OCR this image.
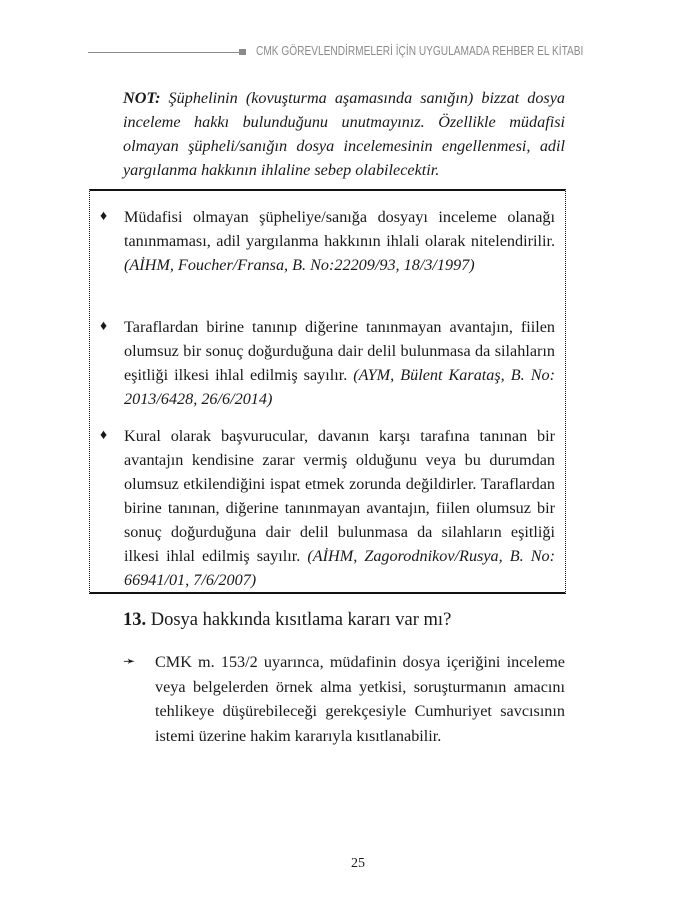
CMK GÖREVLENDİRMELERİ İÇİN UYGULAMADA REHBER EL KİTABI
NOT: Şüphelinin (kovuşturma aşamasında sanığın) bizzat dosya inceleme hakkı bulunduğunu unutmayınız. Özellikle müdafisi olmayan şüpheli/sanığın dosya incelemesinin engellenmesi, adil yargılanma hakkının ihlaline sebep olabilecektir.
♦ Müdafisi olmayan şüpheliye/sanığa dosyayı inceleme olanağı tanınmaması, adil yargılanma hakkının ihlali olarak nitelendirilir. (AİHM, Foucher/Fransa, B. No:22209/93, 18/3/1997)
♦ Taraflardan birine tanınıp diğerine tanınmayan avantajın, fiilen olumsuz bir sonuç doğurduğuna dair delil bulunmasa da silahların eşitliği ilkesi ihlal edilmiş sayılır. (AYM, Bülent Karataş, B. No: 2013/6428, 26/6/2014)
♦ Kural olarak başvurucular, davanın karşı tarafına tanınan bir avantajın kendisine zarar vermiş olduğunu veya bu durumdan olumsuz etkilendiğini ispat etmek zorunda değildirler. Taraflardan birine tanınan, diğerine tanınmayan avantajın, fiilen olumsuz bir sonuç doğurduğuna dair delil bulunmasa da silahların eşitliği ilkesi ihlal edilmiş sayılır. (AİHM, Zagorodnikov/Rusya, B. No: 66941/01, 7/6/2007)
13. Dosya hakkında kısıtlama kararı var mı?
➛ CMK m. 153/2 uyarınca, müdafinin dosya içeriğini inceleme veya belgelerden örnek alma yetkisi, soruşturmanın amacını tehlikeye düşürebileceği gerekçesiyle Cumhuriyet savcısının istemi üzerine hakim kararıyla kısıtlanabilir.
25
